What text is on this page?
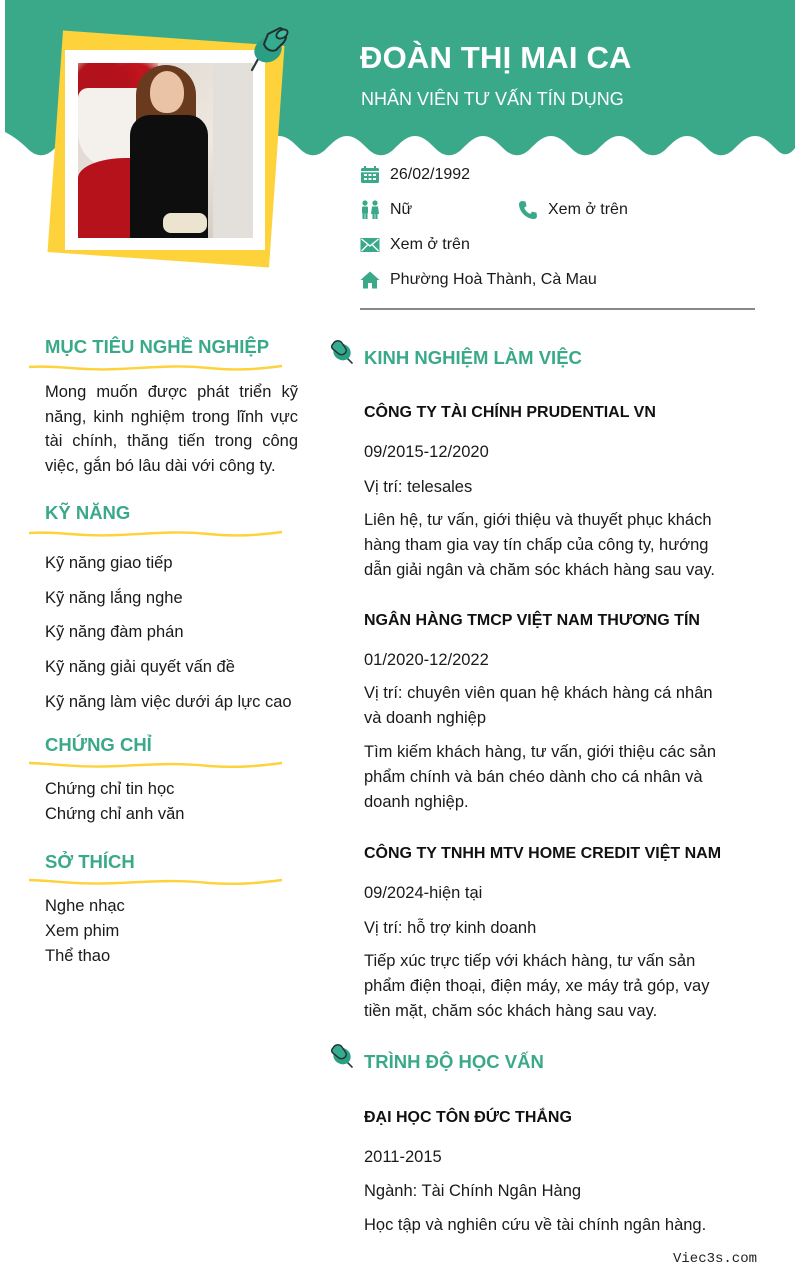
ĐOÀN THỊ MAI CA
NHÂN VIÊN TƯ VẤN TÍN DỤNG
26/02/1992
Nữ	Xem ở trên
Xem ở trên
Phường Hoà Thành, Cà Mau
MỤC TIÊU NGHỀ NGHIỆP
Mong muốn được phát triển kỹ năng, kinh nghiệm trong lĩnh vực tài chính, thăng tiến trong công việc, gắn bó lâu dài với công ty.
KỸ NĂNG
Kỹ năng giao tiếp
Kỹ năng lắng nghe
Kỹ năng đàm phán
Kỹ năng giải quyết vấn đề
Kỹ năng làm việc dưới áp lực cao
CHỨNG CHỈ
Chứng chỉ tin học
Chứng chỉ anh văn
SỞ THÍCH
Nghe nhạc
Xem phim
Thể thao
KINH NGHIỆM LÀM VIỆC
CÔNG TY TÀI CHÍNH PRUDENTIAL VN
09/2015-12/2020
Vị trí: telesales
Liên hệ, tư vấn, giới thiệu và thuyết phục khách hàng tham gia vay tín chấp của công ty, hướng dẫn giải ngân và chăm sóc khách hàng sau vay.
NGÂN HÀNG TMCP VIỆT NAM THƯƠNG TÍN
01/2020-12/2022
Vị trí: chuyên viên quan hệ khách hàng cá nhân và doanh nghiệp
Tìm kiếm khách hàng, tư vấn, giới thiệu các sản phẩm chính và bán chéo dành cho cá nhân và doanh nghiệp.
CÔNG TY TNHH MTV HOME CREDIT VIỆT NAM
09/2024-hiện tại
Vị trí: hỗ trợ kinh doanh
Tiếp xúc trực tiếp với khách hàng, tư vấn sản phẩm điện thoại, điện máy, xe máy trả góp, vay tiền mặt, chăm sóc khách hàng sau vay.
TRÌNH ĐỘ HỌC VẤN
ĐẠI HỌC TÔN ĐỨC THẮNG
2011-2015
Ngành: Tài Chính Ngân Hàng
Học tập và nghiên cứu về tài chính ngân hàng.
Viec3s.com
